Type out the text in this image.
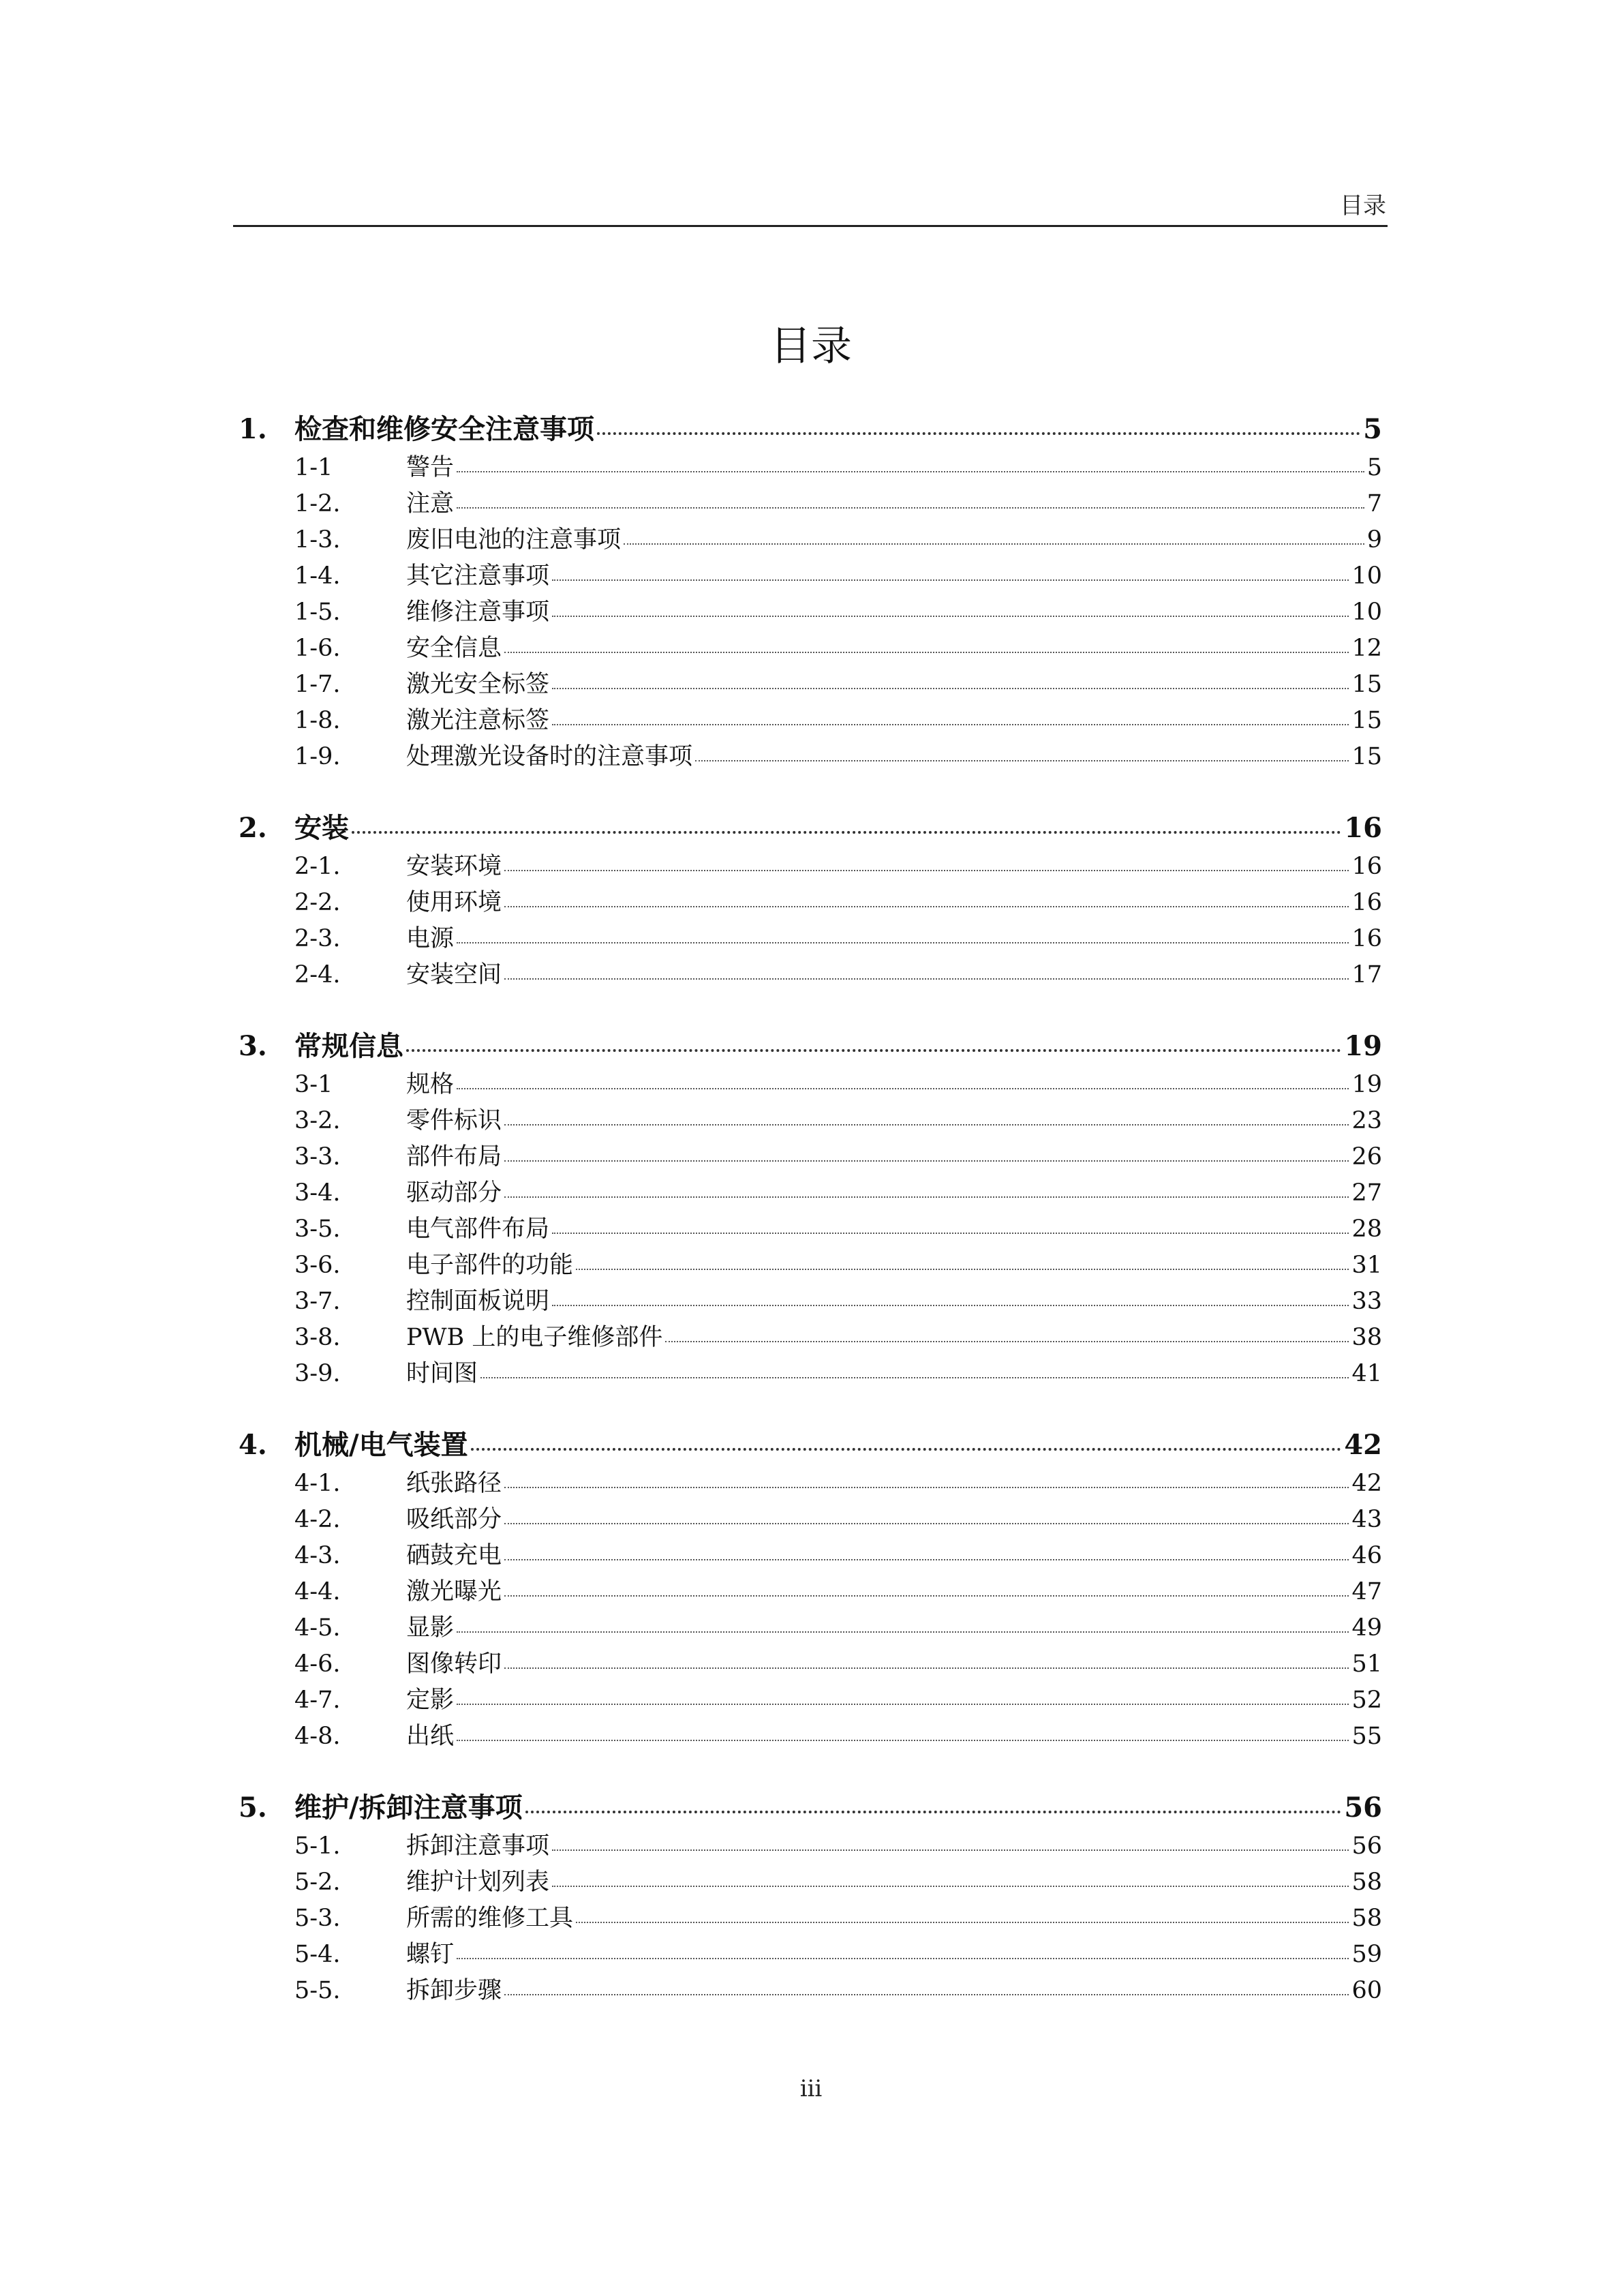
目录
目录
1.	检查和维修安全注意事项	5
1-1	警告	5
1-2.	注意	7
1-3.	废旧电池的注意事项	9
1-4.	其它注意事项	10
1-5.	维修注意事项	10
1-6.	安全信息	12
1-7.	激光安全标签	15
1-8.	激光注意标签	15
1-9.	处理激光设备时的注意事项	15
2.	安装	16
2-1.	安装环境	16
2-2.	使用环境	16
2-3.	电源	16
2-4.	安装空间	17
3.	常规信息	19
3-1	规格	19
3-2.	零件标识	23
3-3.	部件布局	26
3-4.	驱动部分	27
3-5.	电气部件布局	28
3-6.	电子部件的功能	31
3-7.	控制面板说明	33
3-8.	PWB 上的电子维修部件	38
3-9.	时间图	41
4.	机械/电气装置	42
4-1.	纸张路径	42
4-2.	吸纸部分	43
4-3.	硒鼓充电	46
4-4.	激光曝光	47
4-5.	显影	49
4-6.	图像转印	51
4-7.	定影	52
4-8.	出纸	55
5.	维护/拆卸注意事项	56
5-1.	拆卸注意事项	56
5-2.	维护计划列表	58
5-3.	所需的维修工具	58
5-4.	螺钉	59
5-5.	拆卸步骤	60
iii
